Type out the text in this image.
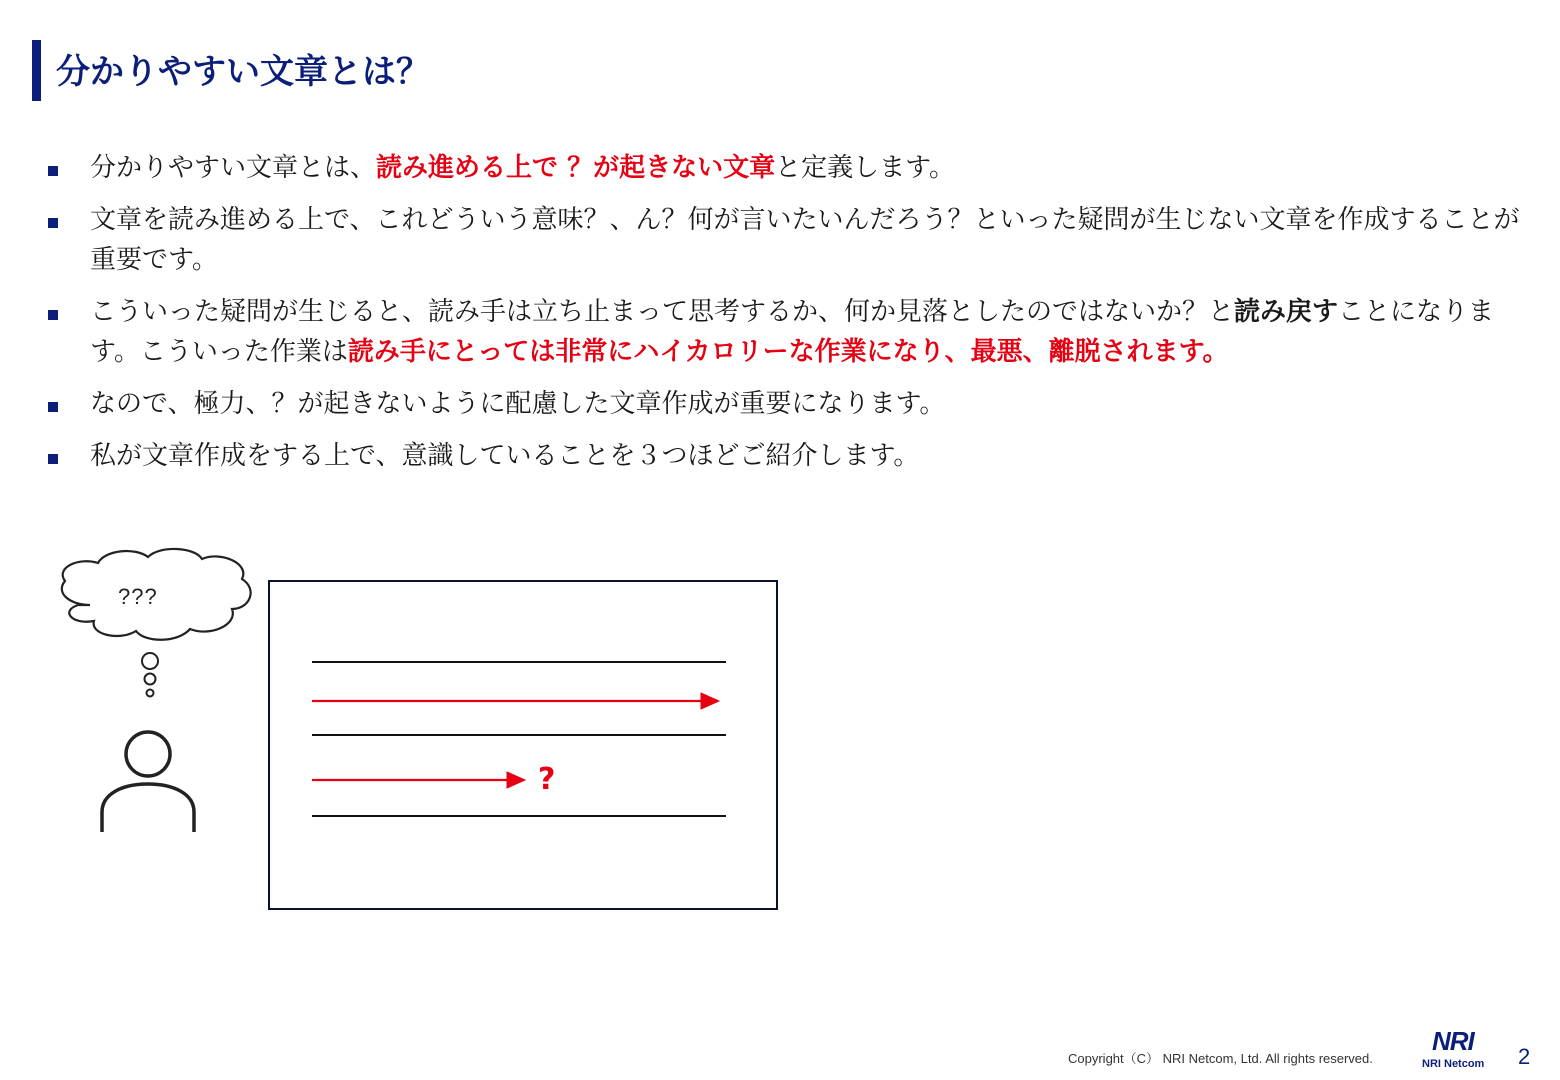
分かりやすい文章とは？
分かりやすい文章とは、読み進める上で ？が起きない文章と定義します。
文章を読み進める上で、これどういう意味？、ん？何が言いたいんだろう？といった疑問が生じない文章を作成することが重要です。
こういった疑問が生じると、読み手は立ち止まって思考するか、何か見落としたのではないか？と読み戻すことになります。こういった作業は読み手にとっては非常にハイカロリーな作業になり、最悪、離脱されます。
なので、極力、？が起きないように配慮した文章作成が重要になります。
私が文章作成をする上で、意識していることを３つほどご紹介します。
???
?
Copyright（C） NRI Netcom, Ltd. All rights reserved.
NRI
NRI Netcom 2
